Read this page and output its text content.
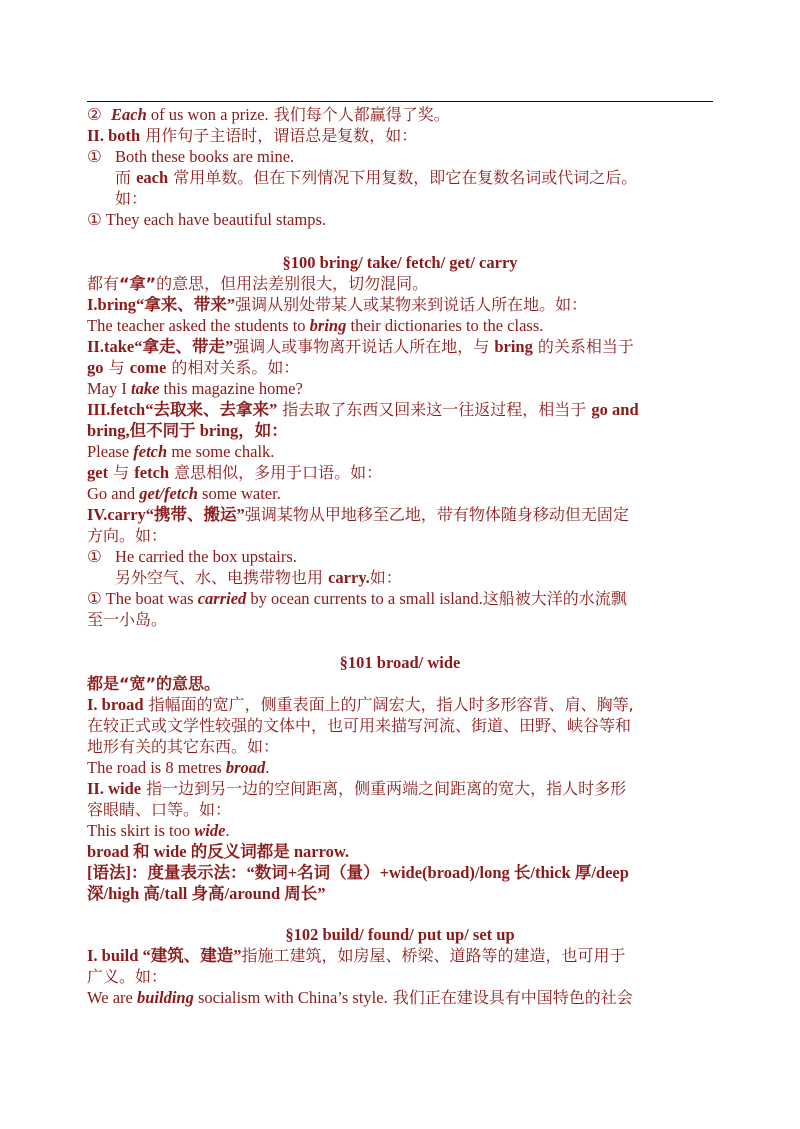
② Each of us won a prize. 我们每个人都赢得了奖。
II. both 用作句子主语时，谓语总是复数，如：
① Both these books are mine.
而 each 常用单数。但在下列情况下用复数，即它在复数名词或代词之后。
如：
① They each have beautiful stamps.
§100 bring/ take/ fetch/ get/ carry
都有“拿”的意思，但用法差别很大，切勿混同。
I.bring“拿来、带来”强调从别处带某人或某物来到说话人所在地。如：
The teacher asked the students to bring their dictionaries to the class.
II.take“拿走、带走”强调人或事物离开说话人所在地，与 bring 的关系相当于
go 与 come 的相对关系。如：
May I take this magazine home?
III.fetch“去取来、去拿来” 指去取了东西又回来这一往返过程，相当于 go and
bring,但不同于 bring，如：
Please fetch me some chalk.
get 与 fetch 意思相似，多用于口语。如：
Go and get/fetch some water.
IV.carry“携带、搬运”强调某物从甲地移至乙地，带有物体随身移动但无固定
方向。如：
① He carried the box upstairs.
另外空气、水、电携带物也用 carry.如：
① The boat was carried by ocean currents to a small island.这船被大洋的水流飘
至一小岛。
§101 broad/ wide
都是“宽”的意思。
I. broad 指幅面的宽广，侧重表面上的广阔宏大，指人时多形容背、肩、胸等,
在较正式或文学性较强的文体中，也可用来描写河流、街道、田野、峡谷等和
地形有关的其它东西。如：
The road is 8 metres broad.
II. wide 指一边到另一边的空间距离，侧重两端之间距离的宽大，指人时多形
容眼睛、口等。如：
This skirt is too wide.
broad 和 wide 的反义词都是 narrow.
[语法]：度量表示法：“数词+名词（量）+wide(broad)/long 长/thick 厚/deep
深/high 高/tall 身高/around 周长”
§102 build/ found/ put up/ set up
I. build “建筑、建造”指施工建筑，如房屋、桥梁、道路等的建造，也可用于
广义。如：
We are building socialism with China’s style. 我们正在建设具有中国特色的社会
